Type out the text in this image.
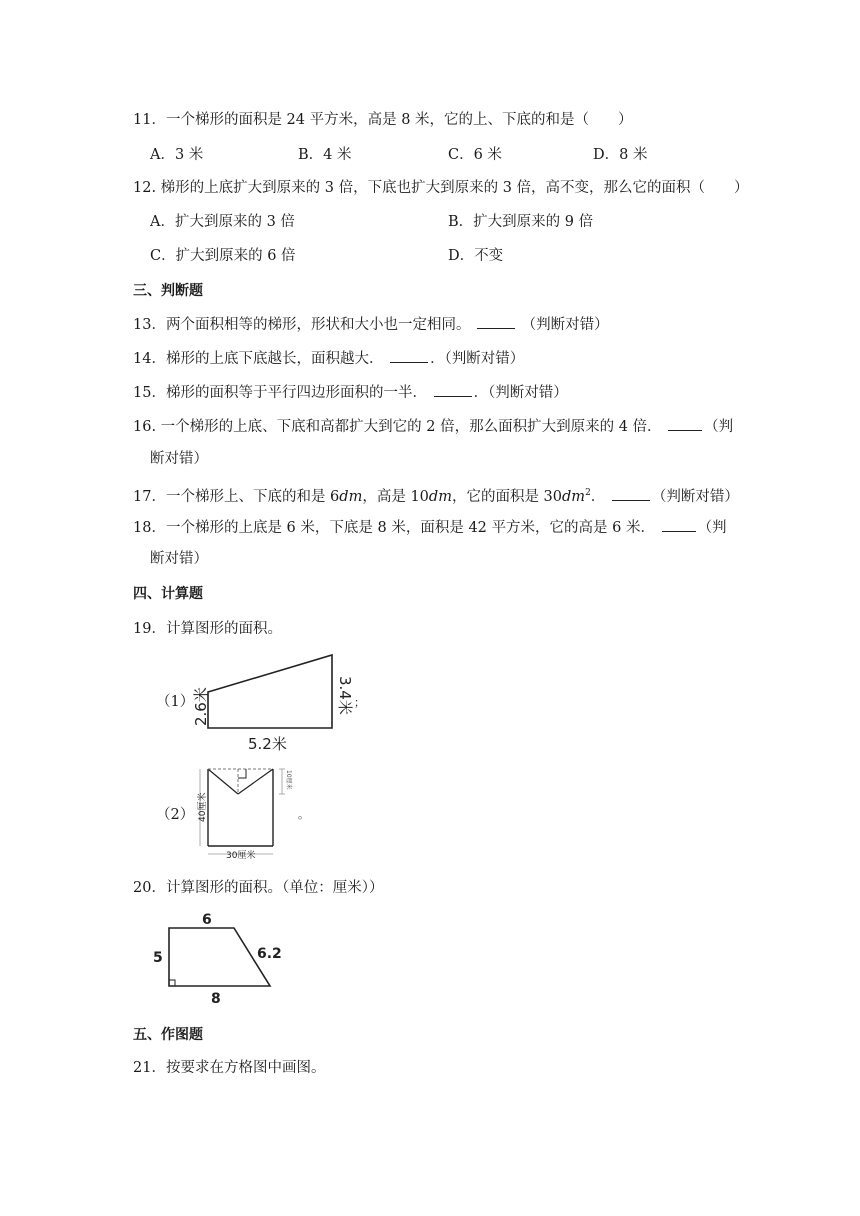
11．一个梯形的面积是 24 平方米，高是 8 米，它的上、下底的和是（　　）
A．3 米	B．4 米	C．6 米	D．8 米
12. 梯形的上底扩大到原来的 3 倍，下底也扩大到原来的 3 倍，高不变，那么它的面积（　　）
A．扩大到原来的 3 倍	B．扩大到原来的 9 倍
C．扩大到原来的 6 倍	D．不变
三、判断题
13．两个面积相等的梯形，形状和大小也一定相同。	（判断对错）
14．梯形的上底下底越长，面积越大．	．（判断对错）
15．梯形的面积等于平行四边形面积的一半．	．（判断对错）
16. 一个梯形的上底、下底和高都扩大到它的 2 倍，那么面积扩大到原来的 4 倍．	（判
断对错）
17．一个梯形上、下底的和是 6dm，高是 10dm，它的面积是 $30dm^2$．	（判断对错）
18．一个梯形的上底是 6 米，下底是 8 米，面积是 42 平方米，它的高是 6 米．	（判
断对错）
四、计算题
19．计算图形的面积。
（1）
2.6米	3.4米
5.2米
；
（2） 40厘米
10厘米
30厘米
。
20．计算图形的面积。（单位：厘米））
6
5	6.2
8
五、作图题
21．按要求在方格图中画图。
